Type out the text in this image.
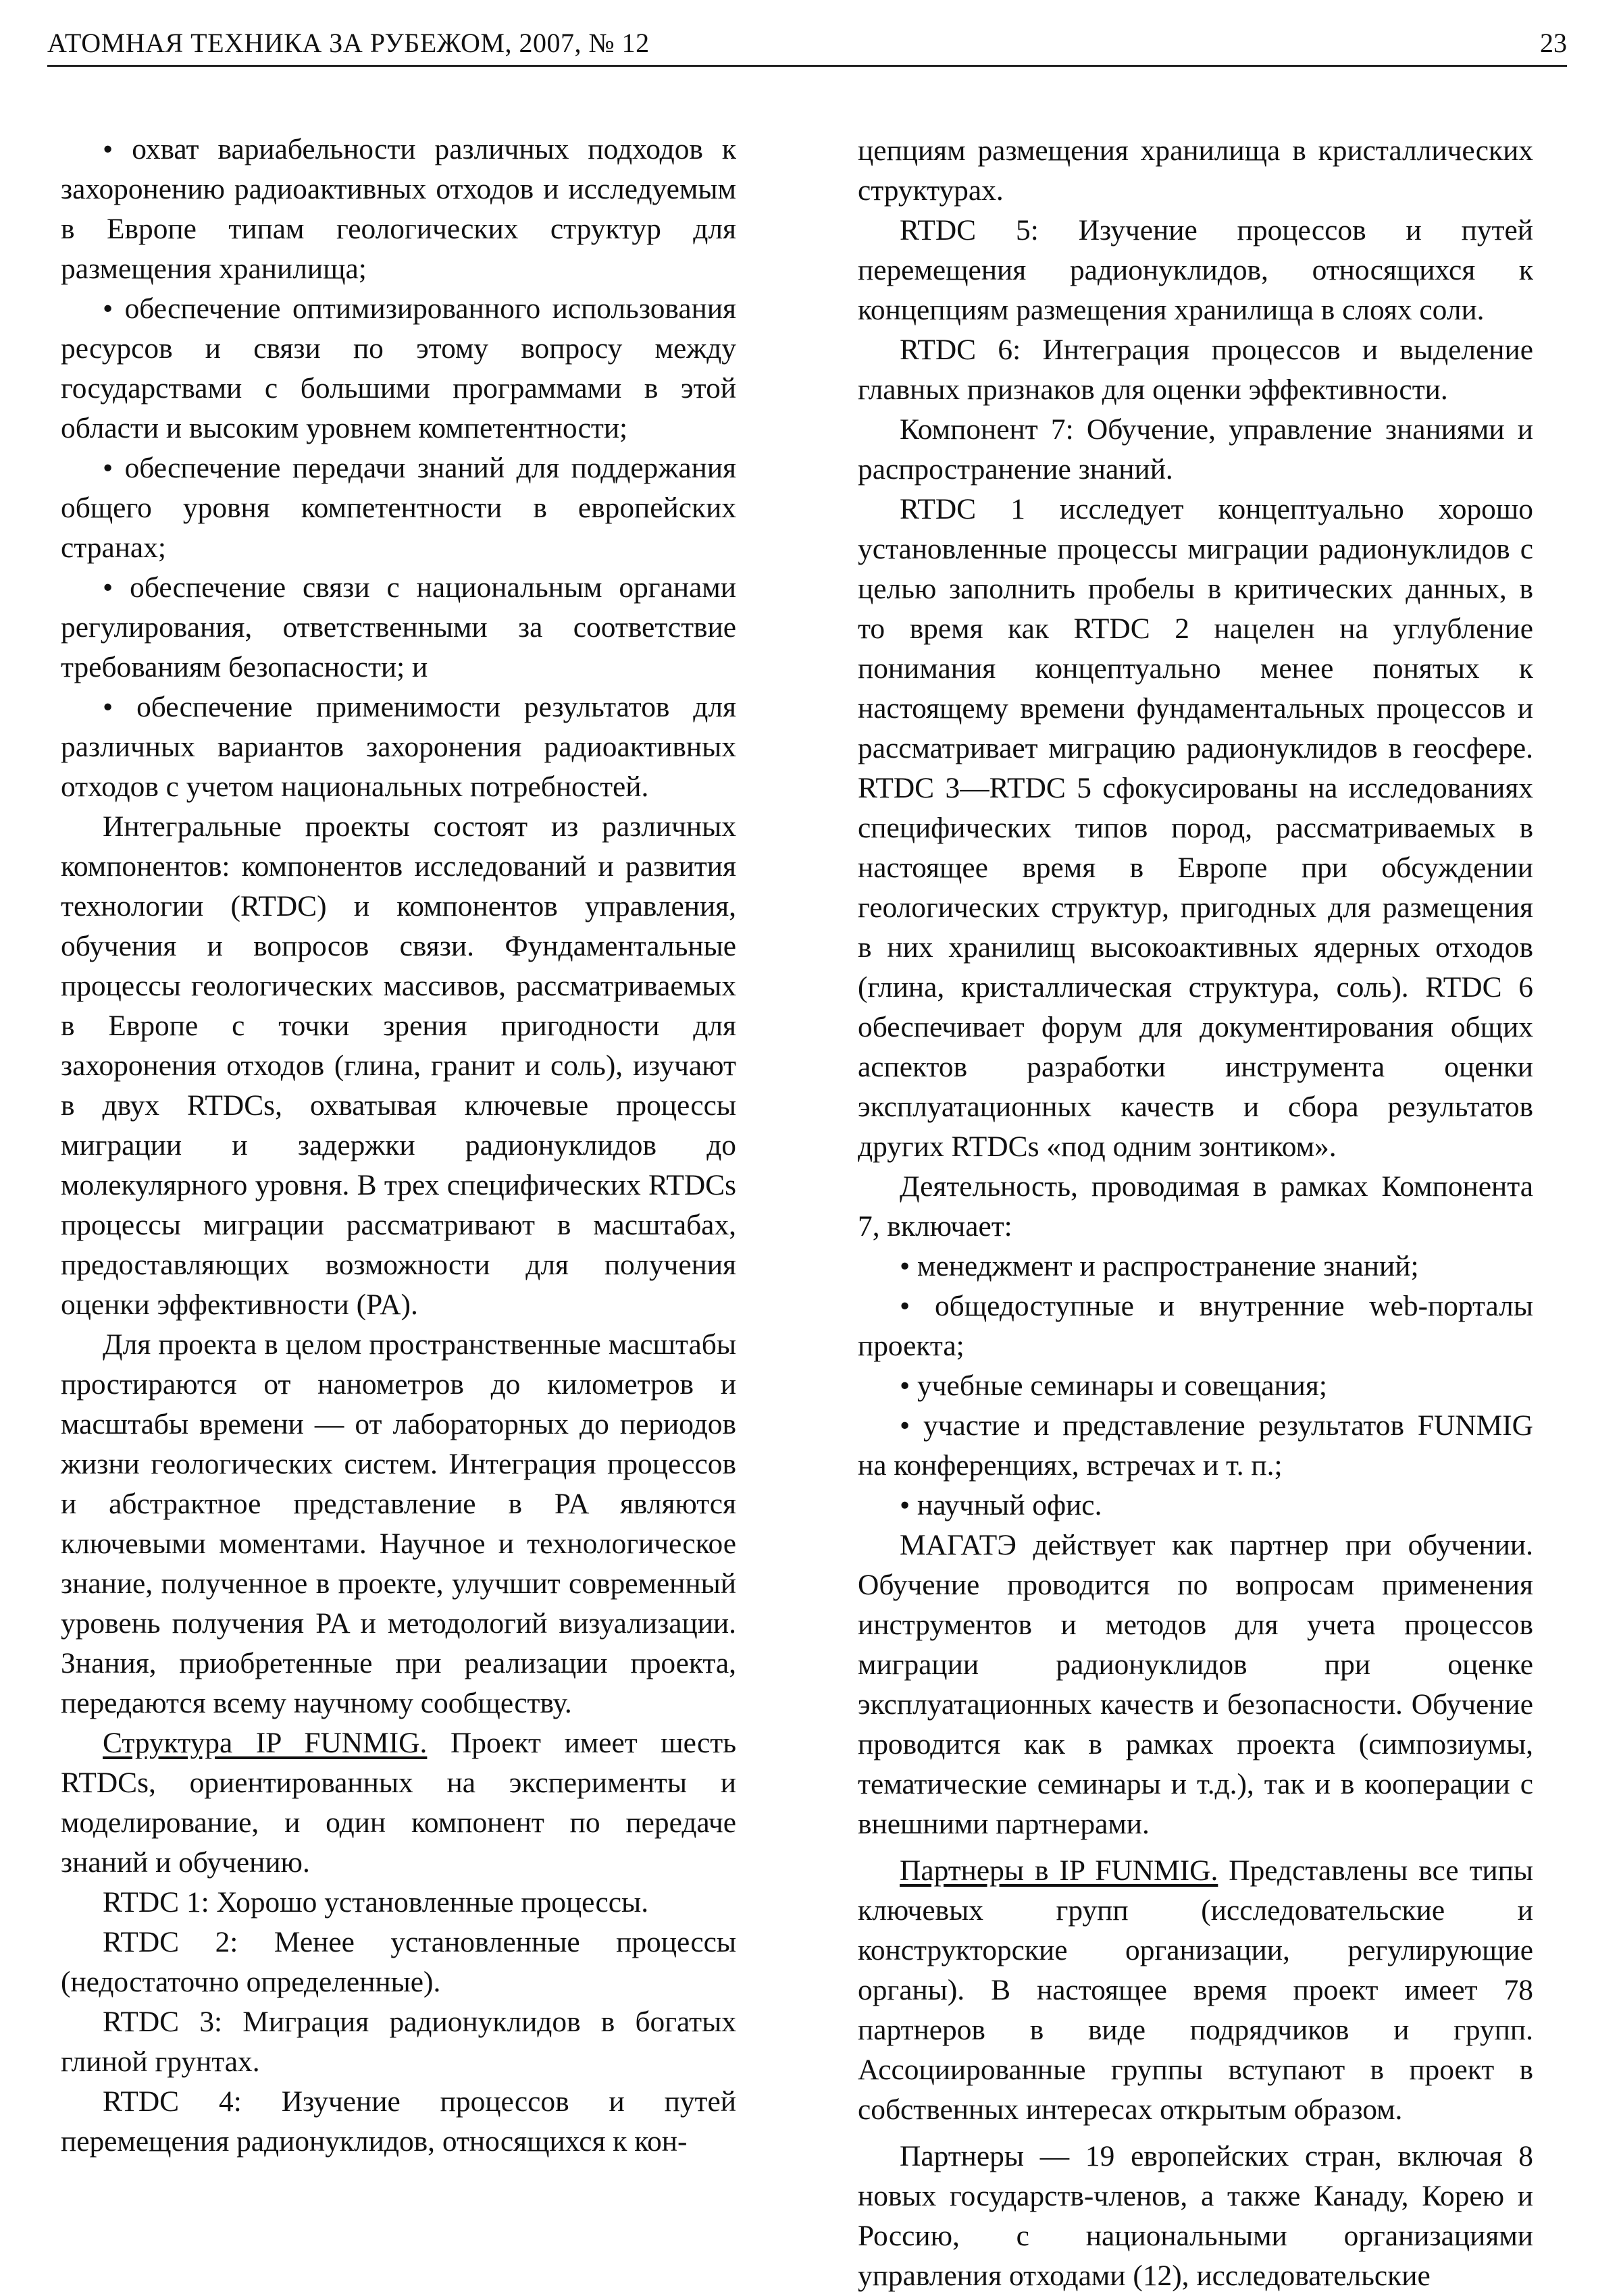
АТОМНАЯ ТЕХНИКА ЗА РУБЕЖОМ, 2007, № 12	23

• охват вариабельности различных подходов к захоронению радиоактивных отходов и исследуемым в Европе типам геологических структур для размещения хранилища;

• обеспечение оптимизированного использования ресурсов и связи по этому вопросу между государствами с большими программами в этой области и высоким уровнем компетентности;

• обеспечение передачи знаний для поддержания общего уровня компетентности в европейских странах;

• обеспечение связи с национальным органами регулирования, ответственными за соответствие требованиям безопасности; и

• обеспечение применимости результатов для различных вариантов захоронения радиоактивных отходов с учетом национальных потребностей.

Интегральные проекты состоят из различных компонентов: компонентов исследований и развития технологии (RTDC) и компонентов управления, обучения и вопросов связи. Фундаментальные процессы геологических массивов, рассматриваемых в Европе с точки зрения пригодности для захоронения отходов (глина, гранит и соль), изучают в двух RTDCs, охватывая ключевые процессы миграции и задержки радионуклидов до молекулярного уровня. В трех специфических RTDCs процессы миграции рассматривают в масштабах, предоставляющих возможности для получения оценки эффективности (PA).

Для проекта в целом пространственные масштабы простираются от нанометров до километров и масштабы времени — от лабораторных до периодов жизни геологических систем. Интеграция процессов и абстрактное представление в PA являются ключевыми моментами. Научное и технологическое знание, полученное в проекте, улучшит современный уровень получения PA и методологий визуализации. Знания, приобретенные при реализации проекта, передаются всему научному сообществу.

Структура IP FUNMIG. Проект имеет шесть RTDCs, ориентированных на эксперименты и моделирование, и один компонент по передаче знаний и обучению.

RTDC 1: Хорошо установленные процессы.

RTDC 2: Менее установленные процессы (недостаточно определенные).

RTDC 3: Миграция радионуклидов в богатых глиной грунтах.

RTDC 4: Изучение процессов и путей перемещения радионуклидов, относящихся к кон-

цепциям размещения хранилища в кристаллических структурах.

RTDC 5: Изучение процессов и путей перемещения радионуклидов, относящихся к концепциям размещения хранилища в слоях соли.

RTDC 6: Интеграция процессов и выделение главных признаков для оценки эффективности.

Компонент 7: Обучение, управление знаниями и распространение знаний.

RTDC 1 исследует концептуально хорошо установленные процессы миграции радионуклидов с целью заполнить пробелы в критических данных, в то время как RTDC 2 нацелен на углубление понимания концептуально менее понятых к настоящему времени фундаментальных процессов и рассматривает миграцию радионуклидов в геосфере. RTDC 3—RTDC 5 сфокусированы на исследованиях специфических типов пород, рассматриваемых в настоящее время в Европе при обсуждении геологических структур, пригодных для размещения в них хранилищ высокоактивных ядерных отходов (глина, кристаллическая структура, соль). RTDC 6 обеспечивает форум для документирования общих аспектов разработки инструмента оценки эксплуатационных качеств и сбора результатов других RTDCs «под одним зонтиком».

Деятельность, проводимая в рамках Компонента 7, включает:

• менеджмент и распространение знаний;

• общедоступные и внутренние web-порталы проекта;

• учебные семинары и совещания;

• участие и представление результатов FUNMIG на конференциях, встречах и т. п.;

• научный офис.

МАГАТЭ действует как партнер при обучении. Обучение проводится по вопросам применения инструментов и методов для учета процессов миграции радионуклидов при оценке эксплуатационных качеств и безопасности. Обучение проводится как в рамках проекта (симпозиумы, тематические семинары и т.д.), так и в кооперации с внешними партнерами.

Партнеры в IP FUNMIG. Представлены все типы ключевых групп (исследовательские и конструкторские организации, регулирующие органы). В настоящее время проект имеет 78 партнеров в виде подрядчиков и групп. Ассоциированные группы вступают в проект в собственных интересах открытым образом.

Партнеры — 19 европейских стран, включая 8 новых государств-членов, а также Канаду, Корею и Россию, с национальными организациями управления отходами (12), исследовательские
